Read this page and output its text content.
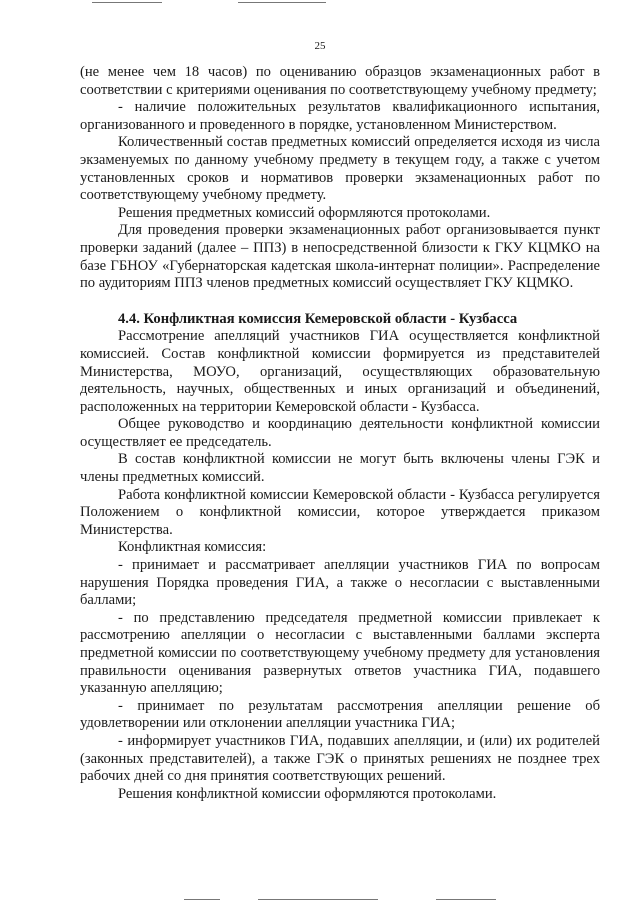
25

(не менее чем 18 часов) по оцениванию образцов экзаменационных работ в соответствии с критериями оценивания по соответствующему учебному предмету;

- наличие положительных результатов квалификационного испытания, организованного и проведенного в порядке, установленном Министерством.

Количественный состав предметных комиссий определяется исходя из числа экзаменуемых по данному учебному предмету в текущем году, а также с учетом установленных сроков и нормативов проверки экзаменационных работ по соответствующему учебному предмету.

Решения предметных комиссий оформляются протоколами.

Для проведения проверки экзаменационных работ организовывается пункт проверки заданий (далее – ППЗ) в непосредственной близости к ГКУ КЦМКО на базе ГБНОУ «Губернаторская кадетская школа-интернат полиции». Распределение по аудиториям ППЗ членов предметных комиссий осуществляет ГКУ КЦМКО.

4.4. Конфликтная комиссия Кемеровской области - Кузбасса

Рассмотрение апелляций участников ГИА осуществляется конфликтной комиссией. Состав конфликтной комиссии формируется из представителей Министерства, МОУО, организаций, осуществляющих образовательную деятельность, научных, общественных и иных организаций и объединений, расположенных на территории Кемеровской области - Кузбасса.

Общее руководство и координацию деятельности конфликтной комиссии осуществляет ее председатель.

В состав конфликтной комиссии не могут быть включены члены ГЭК и члены предметных комиссий.

Работа конфликтной комиссии Кемеровской области - Кузбасса регулируется Положением о конфликтной комиссии, которое утверждается приказом Министерства.

Конфликтная комиссия:

- принимает и рассматривает апелляции участников ГИА по вопросам нарушения Порядка проведения ГИА, а также о несогласии с выставленными баллами;

- по представлению председателя предметной комиссии привлекает к рассмотрению апелляции о несогласии с выставленными баллами эксперта предметной комиссии по соответствующему учебному предмету для установления правильности оценивания развернутых ответов участника ГИА, подавшего указанную апелляцию;

- принимает по результатам рассмотрения апелляции решение об удовлетворении или отклонении апелляции участника ГИА;

- информирует участников ГИА, подавших апелляции, и (или) их родителей (законных представителей), а также ГЭК о принятых решениях не позднее трех рабочих дней со дня принятия соответствующих решений.

Решения конфликтной комиссии оформляются протоколами.
